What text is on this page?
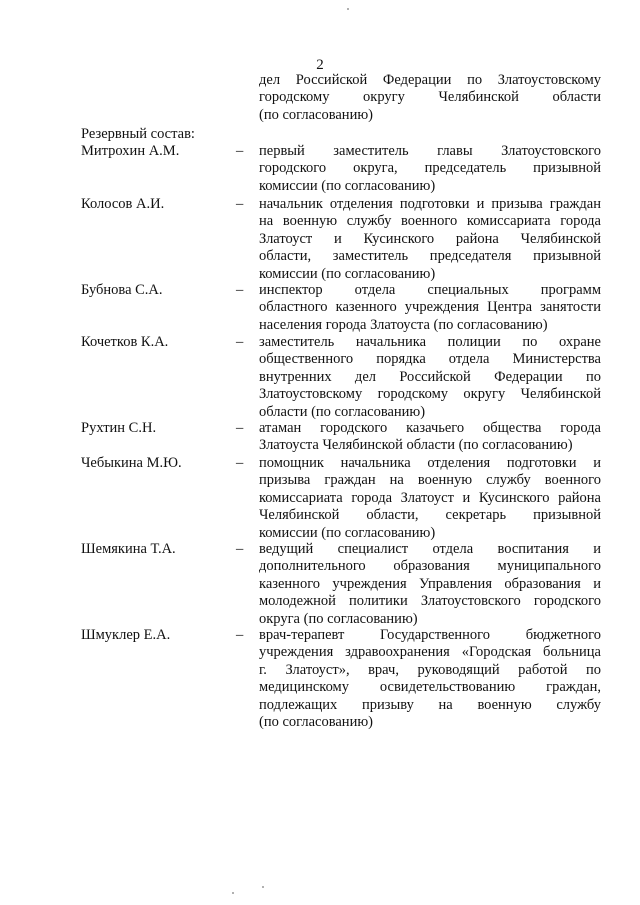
2
дел Российской Федерации по Златоустовскому
городскому округу Челябинской области
(по согласованию)
Резервный состав:
Митрохин А.М.	– первый заместитель главы Златоустовского
городского округа, председатель призывной
комиссии (по согласованию)
Колосов А.И.	– начальник отделения подготовки и призыва граждан
на военную службу военного комиссариата города
Златоуст и Кусинского района Челябинской
области, заместитель председателя призывной
комиссии (по согласованию)
Бубнова С.А.	– инспектор отдела специальных программ
областного казенного учреждения Центра занятости
населения города Златоуста (по согласованию)
Кочетков К.А.	– заместитель начальника полиции по охране
общественного порядка отдела Министерства
внутренних дел Российской Федерации по
Златоустовскому городскому округу Челябинской
области (по согласованию)
Рухтин С.Н.	– атаман городского казачьего общества города
Златоуста Челябинской области (по согласованию)
Чебыкина М.Ю.	– помощник начальника отделения подготовки и
призыва граждан на военную службу военного
комиссариата города Златоуст и Кусинского района
Челябинской области, секретарь призывной
комиссии (по согласованию)
Шемякина Т.А.	– ведущий специалист отдела воспитания и
дополнительного образования муниципального
казенного учреждения Управления образования и
молодежной политики Златоустовского городского
округа (по согласованию)
Шмуклер Е.А.	– врач-терапевт Государственного бюджетного
учреждения здравоохранения «Городская больница
г. Златоуст», врач, руководящий работой по
медицинскому освидетельствованию граждан,
подлежащих призыву на военную службу
(по согласованию)
